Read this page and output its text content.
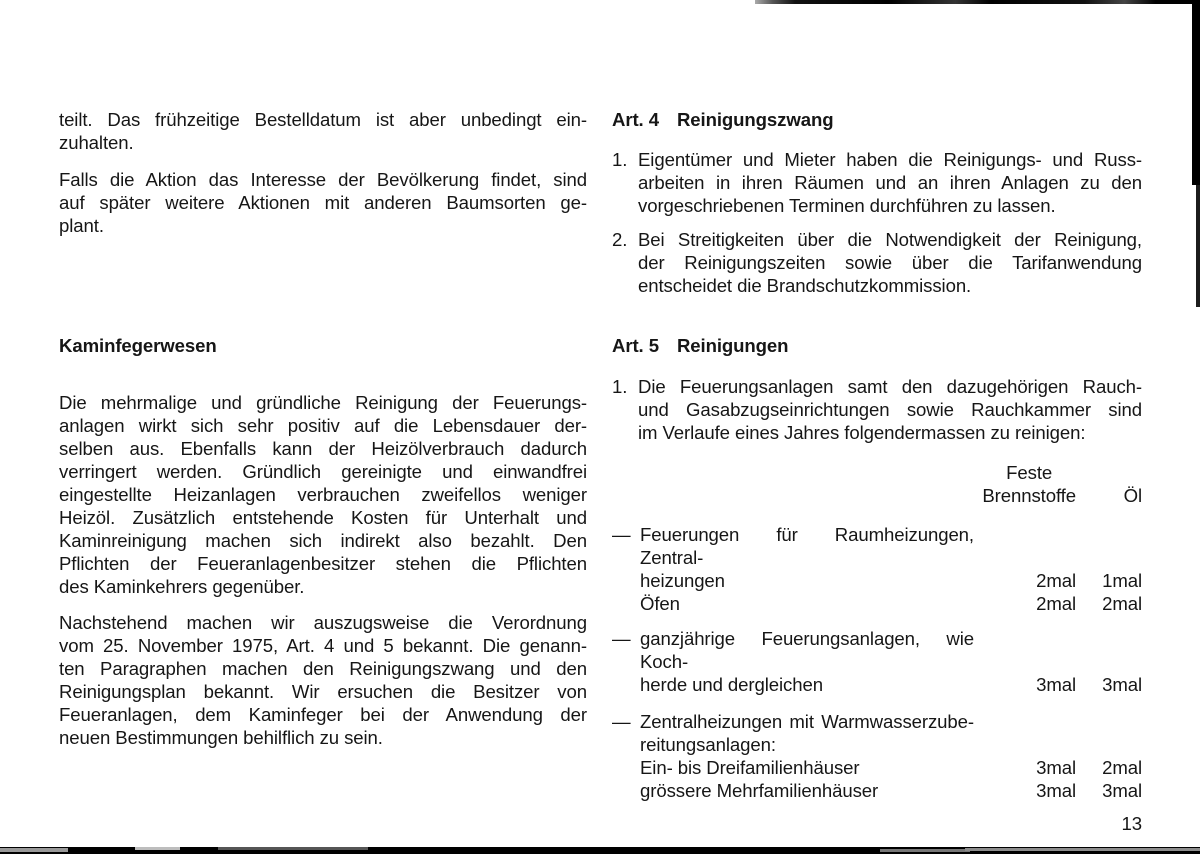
teilt. Das frühzeitige Bestelldatum ist aber unbedingt ein-
zuhalten.
Falls die Aktion das Interesse der Bevölkerung findet, sind
auf später weitere Aktionen mit anderen Baumsorten ge-
plant.
Kaminfegerwesen
Die mehrmalige und gründliche Reinigung der Feuerungs-
anlagen wirkt sich sehr positiv auf die Lebensdauer der-
selben aus. Ebenfalls kann der Heizölverbrauch dadurch
verringert werden. Gründlich gereinigte und einwandfrei
eingestellte Heizanlagen verbrauchen zweifellos weniger
Heizöl. Zusätzlich entstehende Kosten für Unterhalt und
Kaminreinigung machen sich indirekt also bezahlt. Den
Pflichten der Feueranlagenbesitzer stehen die Pflichten
des Kaminkehrers gegenüber.
Nachstehend machen wir auszugsweise die Verordnung
vom 25. November 1975, Art. 4 und 5 bekannt. Die genann-
ten Paragraphen machen den Reinigungszwang und den
Reinigungsplan bekannt. Wir ersuchen die Besitzer von
Feueranlagen, dem Kaminfeger bei der Anwendung der
neuen Bestimmungen behilflich zu sein.
Art. 4 Reinigungszwang
1. Eigentümer und Mieter haben die Reinigungs- und Russ-
arbeiten in ihren Räumen und an ihren Anlagen zu den
vorgeschriebenen Terminen durchführen zu lassen.
2. Bei Streitigkeiten über die Notwendigkeit der Reinigung,
der Reinigungszeiten sowie über die Tarifanwendung
entscheidet die Brandschutzkommission.
Art. 5 Reinigungen
1. Die Feuerungsanlagen samt den dazugehörigen Rauch-
und Gasabzugseinrichtungen sowie Rauchkammer sind
im Verlaufe eines Jahres folgendermassen zu reinigen:
Feste
Brennstoffe	Öl
— Feuerungen für Raumheizungen, Zentral-
heizungen	2mal	1mal
Öfen	2mal	2mal
— ganzjährige Feuerungsanlagen, wie Koch-
herde und dergleichen	3mal	3mal
— Zentralheizungen mit Warmwasserzube-
reitungsanlagen:
Ein- bis Dreifamilienhäuser	3mal	2mal
grössere Mehrfamilienhäuser	3mal	3mal
13
